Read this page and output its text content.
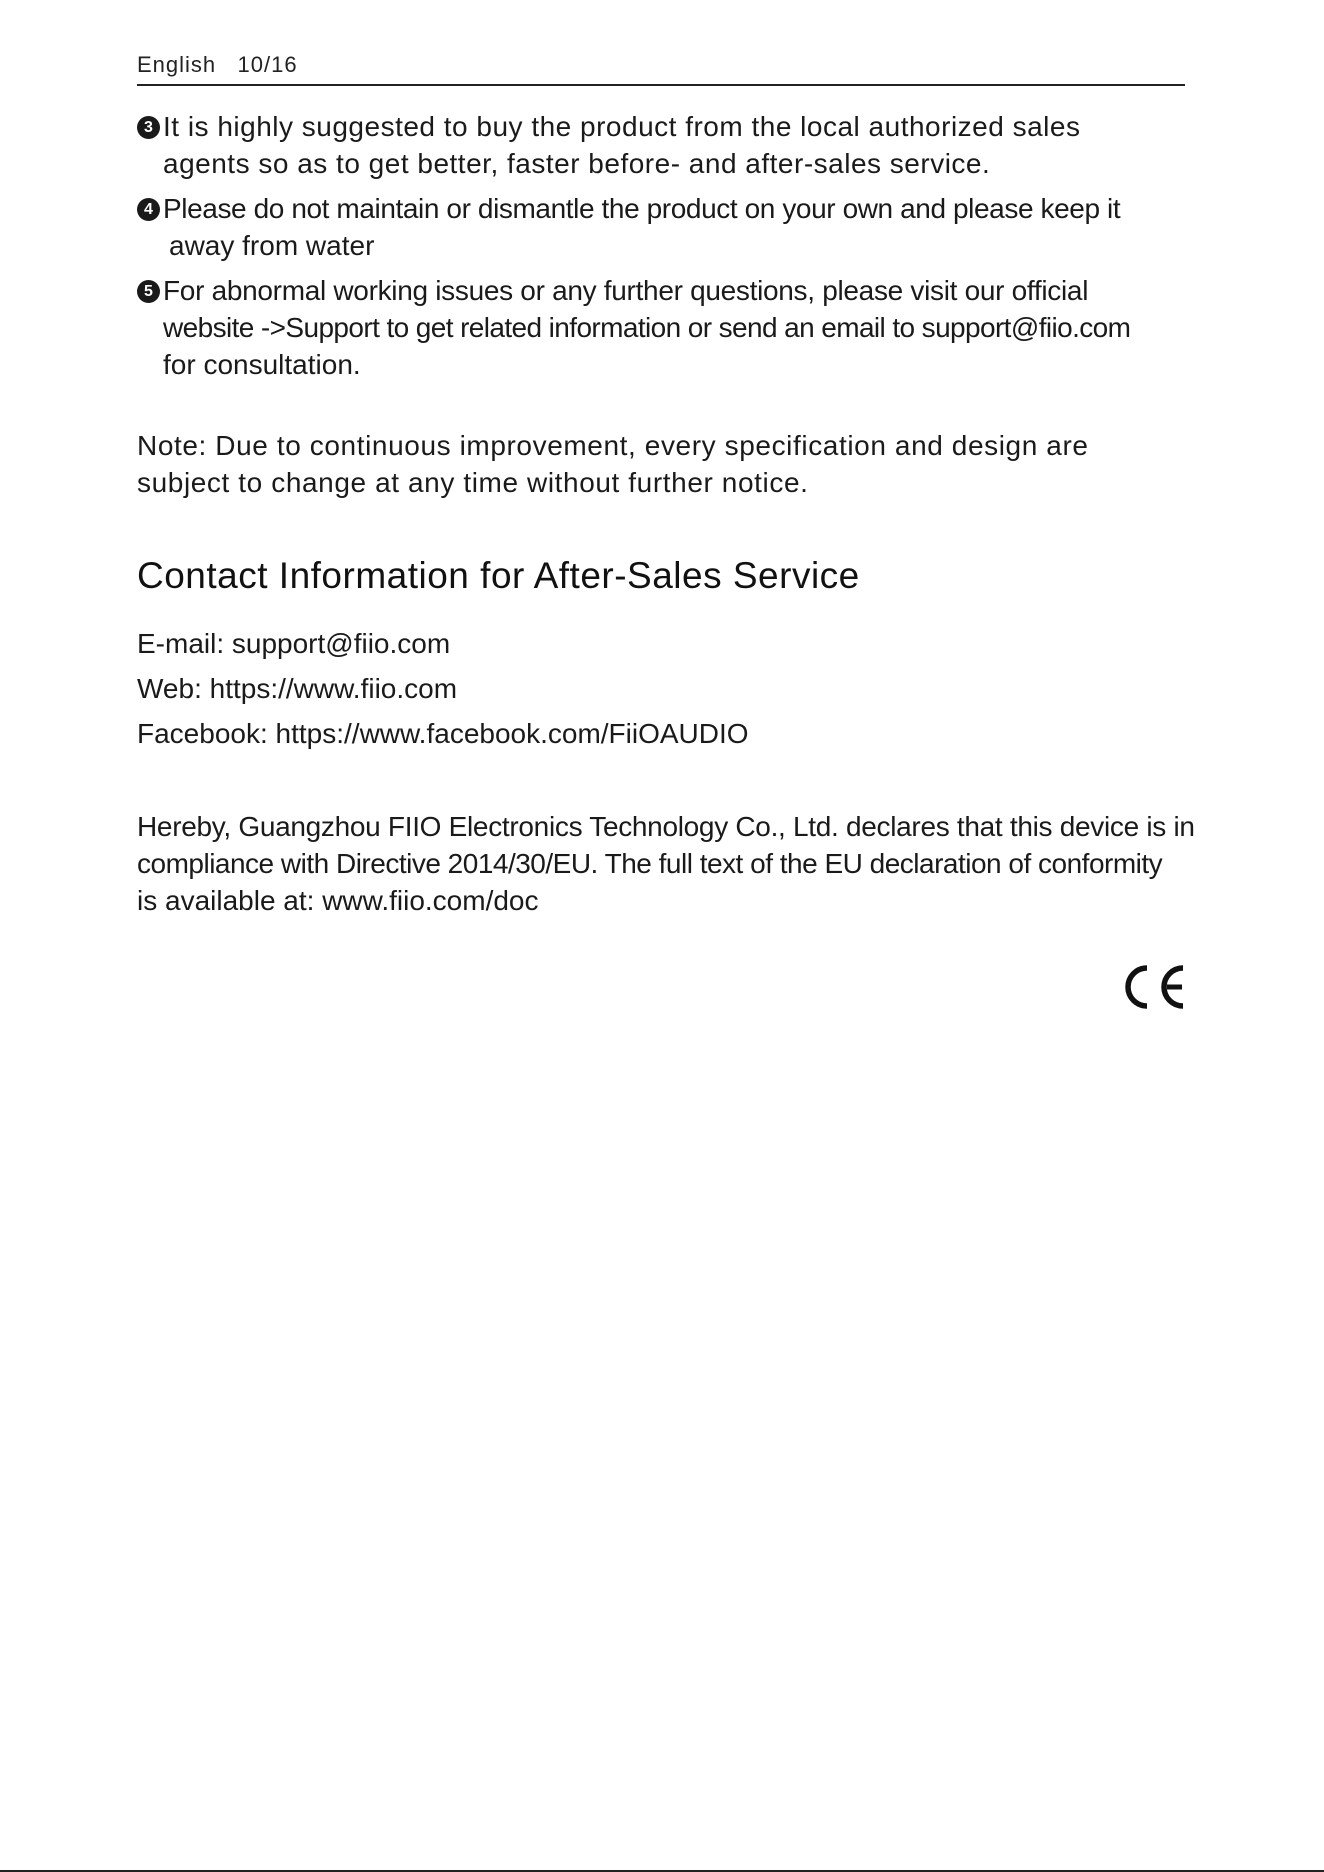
English 10/16
3 It is highly suggested to buy the product from the local authorized sales
agents so as to get better, faster before- and after-sales service.
4 Please do not maintain or dismantle the product on your own and please keep it
away from water
5 For abnormal working issues or any further questions, please visit our official
website ->Support to get related information or send an email to support@fiio.com
for consultation.
Note: Due to continuous improvement, every specification and design are
subject to change at any time without further notice.
Contact Information for After-Sales Service
E-mail: support@fiio.com
Web: https://www.fiio.com
Facebook: https://www.facebook.com/FiiOAUDIO
Hereby, Guangzhou FIIO Electronics Technology Co., Ltd. declares that this device is in
compliance with Directive 2014/30/EU. The full text of the EU declaration of conformity
is available at: www.fiio.com/doc
